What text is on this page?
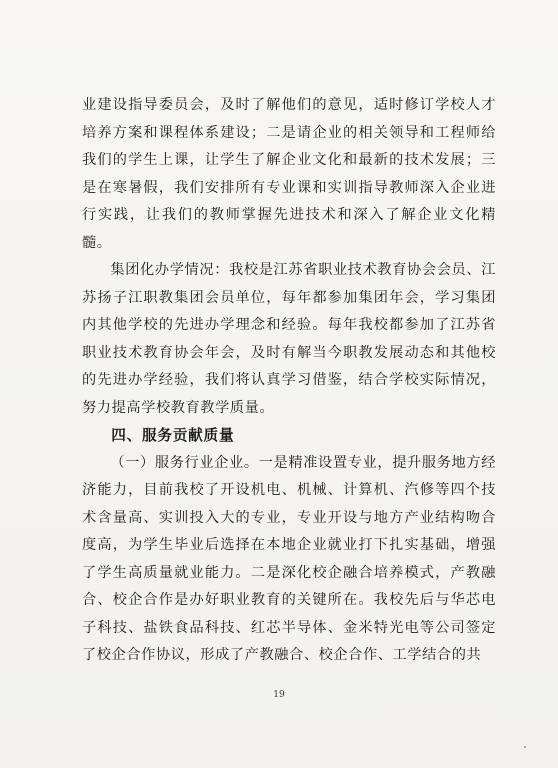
业建设指导委员会，及时了解他们的意见，适时修订学校人才培养方案和课程体系建设；二是请企业的相关领导和工程师给我们的学生上课，让学生了解企业文化和最新的技术发展；三是在寒暑假，我们安排所有专业课和实训指导教师深入企业进行实践，让我们的教师掌握先进技术和深入了解企业文化精髓。

集团化办学情况：我校是江苏省职业技术教育协会会员、江苏扬子江职教集团会员单位，每年都参加集团年会，学习集团内其他学校的先进办学理念和经验。每年我校都参加了江苏省职业技术教育协会年会，及时有解当今职教发展动态和其他校的先进办学经验，我们将认真学习借鉴，结合学校实际情况，努力提高学校教育教学质量。

四、服务贡献质量

（一）服务行业企业。一是精准设置专业，提升服务地方经济能力，目前我校了开设机电、机械、计算机、汽修等四个技术含量高、实训投入大的专业，专业开设与地方产业结构吻合度高，为学生毕业后选择在本地企业就业打下扎实基础，增强了学生高质量就业能力。二是深化校企融合培养模式，产教融合、校企合作是办好职业教育的关键所在。我校先后与华芯电子科技、盐铁食品科技、红芯半导体、金米特光电等公司签定了校企合作协议，形成了产教融合、校企合作、工学结合的共

19
